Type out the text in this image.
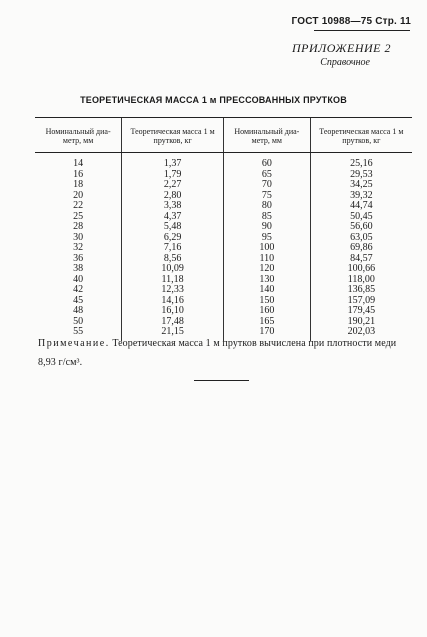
ГОСТ 10988—75 Стр. 11
ПРИЛОЖЕНИЕ 2
Справочное
ТЕОРЕТИЧЕСКАЯ МАССА 1 м ПРЕССОВАННЫХ ПРУТКОВ
Номинальный диа-метр, мм	Теоретическая масса 1 м прутков, кг	Номинальный диа-метр, мм	Теоретическая масса 1 м прутков, кг
14	1,37	60	25,16
16	1,79	65	29,53
18	2,27	70	34,25
20	2,80	75	39,32
22	3,38	80	44,74
25	4,37	85	50,45
28	5,48	90	56,60
30	6,29	95	63,05
32	7,16	100	69,86
36	8,56	110	84,57
38	10,09	120	100,66
40	11,18	130	118,00
42	12,33	140	136,85
45	14,16	150	157,09
48	16,10	160	179,45
50	17,48	165	190,21
55	21,15	170	202,03
Примечание. Теоретическая масса 1 м прутков вычислена при плотности меди 8,93 г/см³.
